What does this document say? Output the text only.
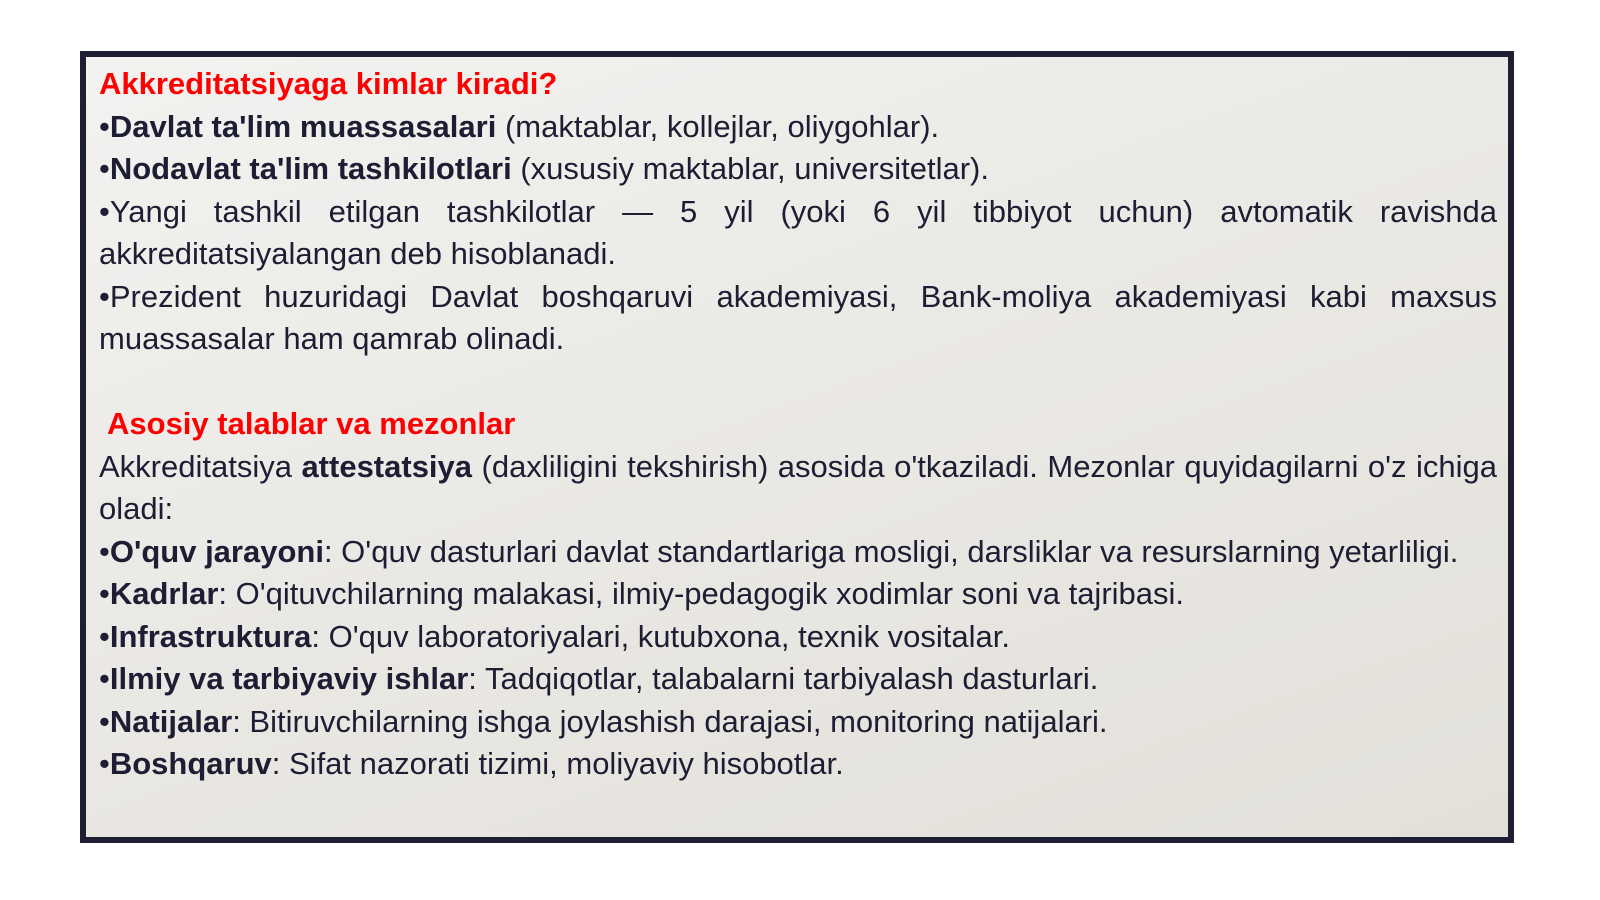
Akkreditatsiyaga kimlar kiradi?

•Davlat ta'lim muassasalari (maktablar, kollejlar, oliygohlar).

•Nodavlat ta'lim tashkilotlari (xususiy maktablar, universitetlar).

•Yangi tashkil etilgan tashkilotlar — 5 yil (yoki 6 yil tibbiyot uchun) avtomatik ravishda akkreditatsiyalangan deb hisoblanadi.

•Prezident huzuridagi Davlat boshqaruvi akademiyasi, Bank-moliya akademiyasi kabi maxsus muassasalar ham qamrab olinadi.

Asosiy talablar va mezonlar

Akkreditatsiya attestatsiya (daxliligini tekshirish) asosida o'tkaziladi. Mezonlar quyidagilarni o'z ichiga oladi:

•O'quv jarayoni: O'quv dasturlari davlat standartlariga mosligi, darsliklar va resurslarning yetarliligi.

•Kadrlar: O'qituvchilarning malakasi, ilmiy-pedagogik xodimlar soni va tajribasi.

•Infrastruktura: O'quv laboratoriyalari, kutubxona, texnik vositalar.

•Ilmiy va tarbiyaviy ishlar: Tadqiqotlar, talabalarni tarbiyalash dasturlari.

•Natijalar: Bitiruvchilarning ishga joylashish darajasi, monitoring natijalari.

•Boshqaruv: Sifat nazorati tizimi, moliyaviy hisobotlar.
